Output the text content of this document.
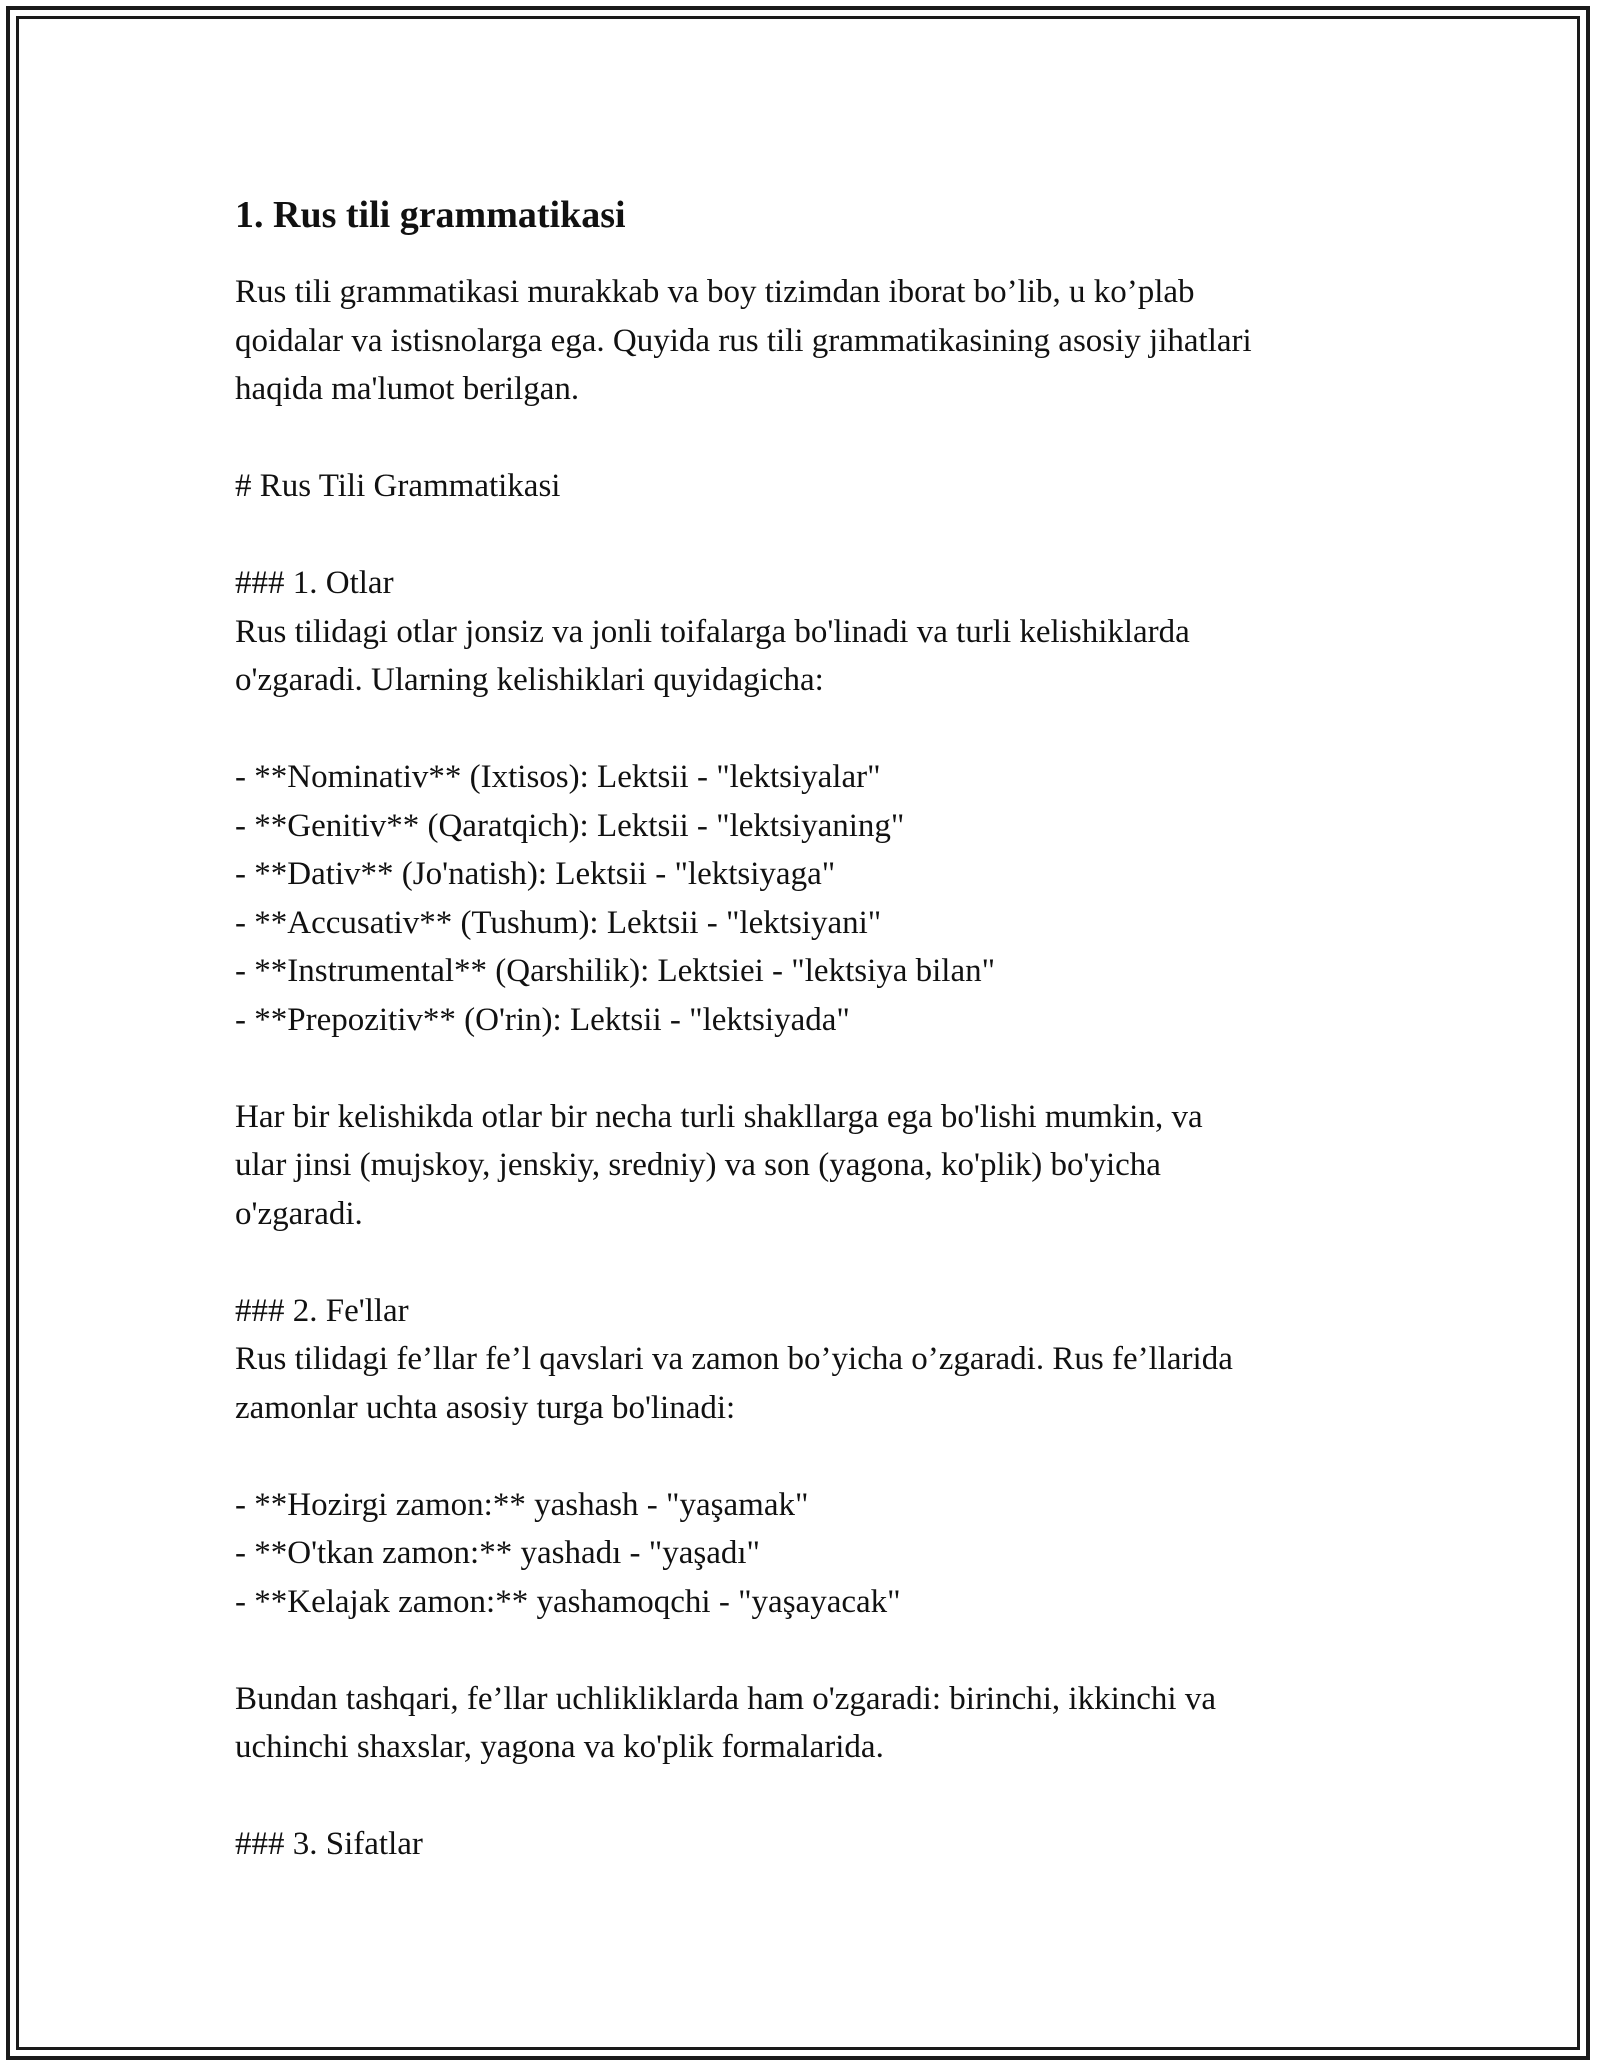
1. Rus tili grammatikasi

Rus tili grammatikasi murakkab va boy tizimdan iborat bo’lib, u ko’plab

qoidalar va istisnolarga ega. Quyida rus tili grammatikasining asosiy jihatlari

haqida ma'lumot berilgan.

# Rus Tili Grammatikasi

### 1. Otlar

Rus tilidagi otlar jonsiz va jonli toifalarga bo'linadi va turli kelishiklarda

o'zgaradi. Ularning kelishiklari quyidagicha:

- **Nominativ** (Ixtisos): Lektsii - "lektsiyalar"

- **Genitiv** (Qaratqich): Lektsii - "lektsiyaning"

- **Dativ** (Jo'natish): Lektsii - "lektsiyaga"

- **Accusativ** (Tushum): Lektsii - "lektsiyani"

- **Instrumental** (Qarshilik): Lektsiei - "lektsiya bilan"

- **Prepozitiv** (O'rin): Lektsii - "lektsiyada"

Har bir kelishikda otlar bir necha turli shakllarga ega bo'lishi mumkin, va

ular jinsi (mujskoy, jenskiy, sredniy) va son (yagona, ko'plik) bo'yicha

o'zgaradi.

### 2. Fe'llar

Rus tilidagi fe’llar fe’l qavslari va zamon bo’yicha o’zgaradi. Rus fe’llarida

zamonlar uchta asosiy turga bo'linadi:

- **Hozirgi zamon:** yashash - "yaşamak"

- **O'tkan zamon:** yashadı - "yaşadı"

- **Kelajak zamon:** yashamoqchi - "yaşayacak"

Bundan tashqari, fe’llar uchlikliklarda ham o'zgaradi: birinchi, ikkinchi va

uchinchi shaxslar, yagona va ko'plik formalarida.

### 3. Sifatlar
